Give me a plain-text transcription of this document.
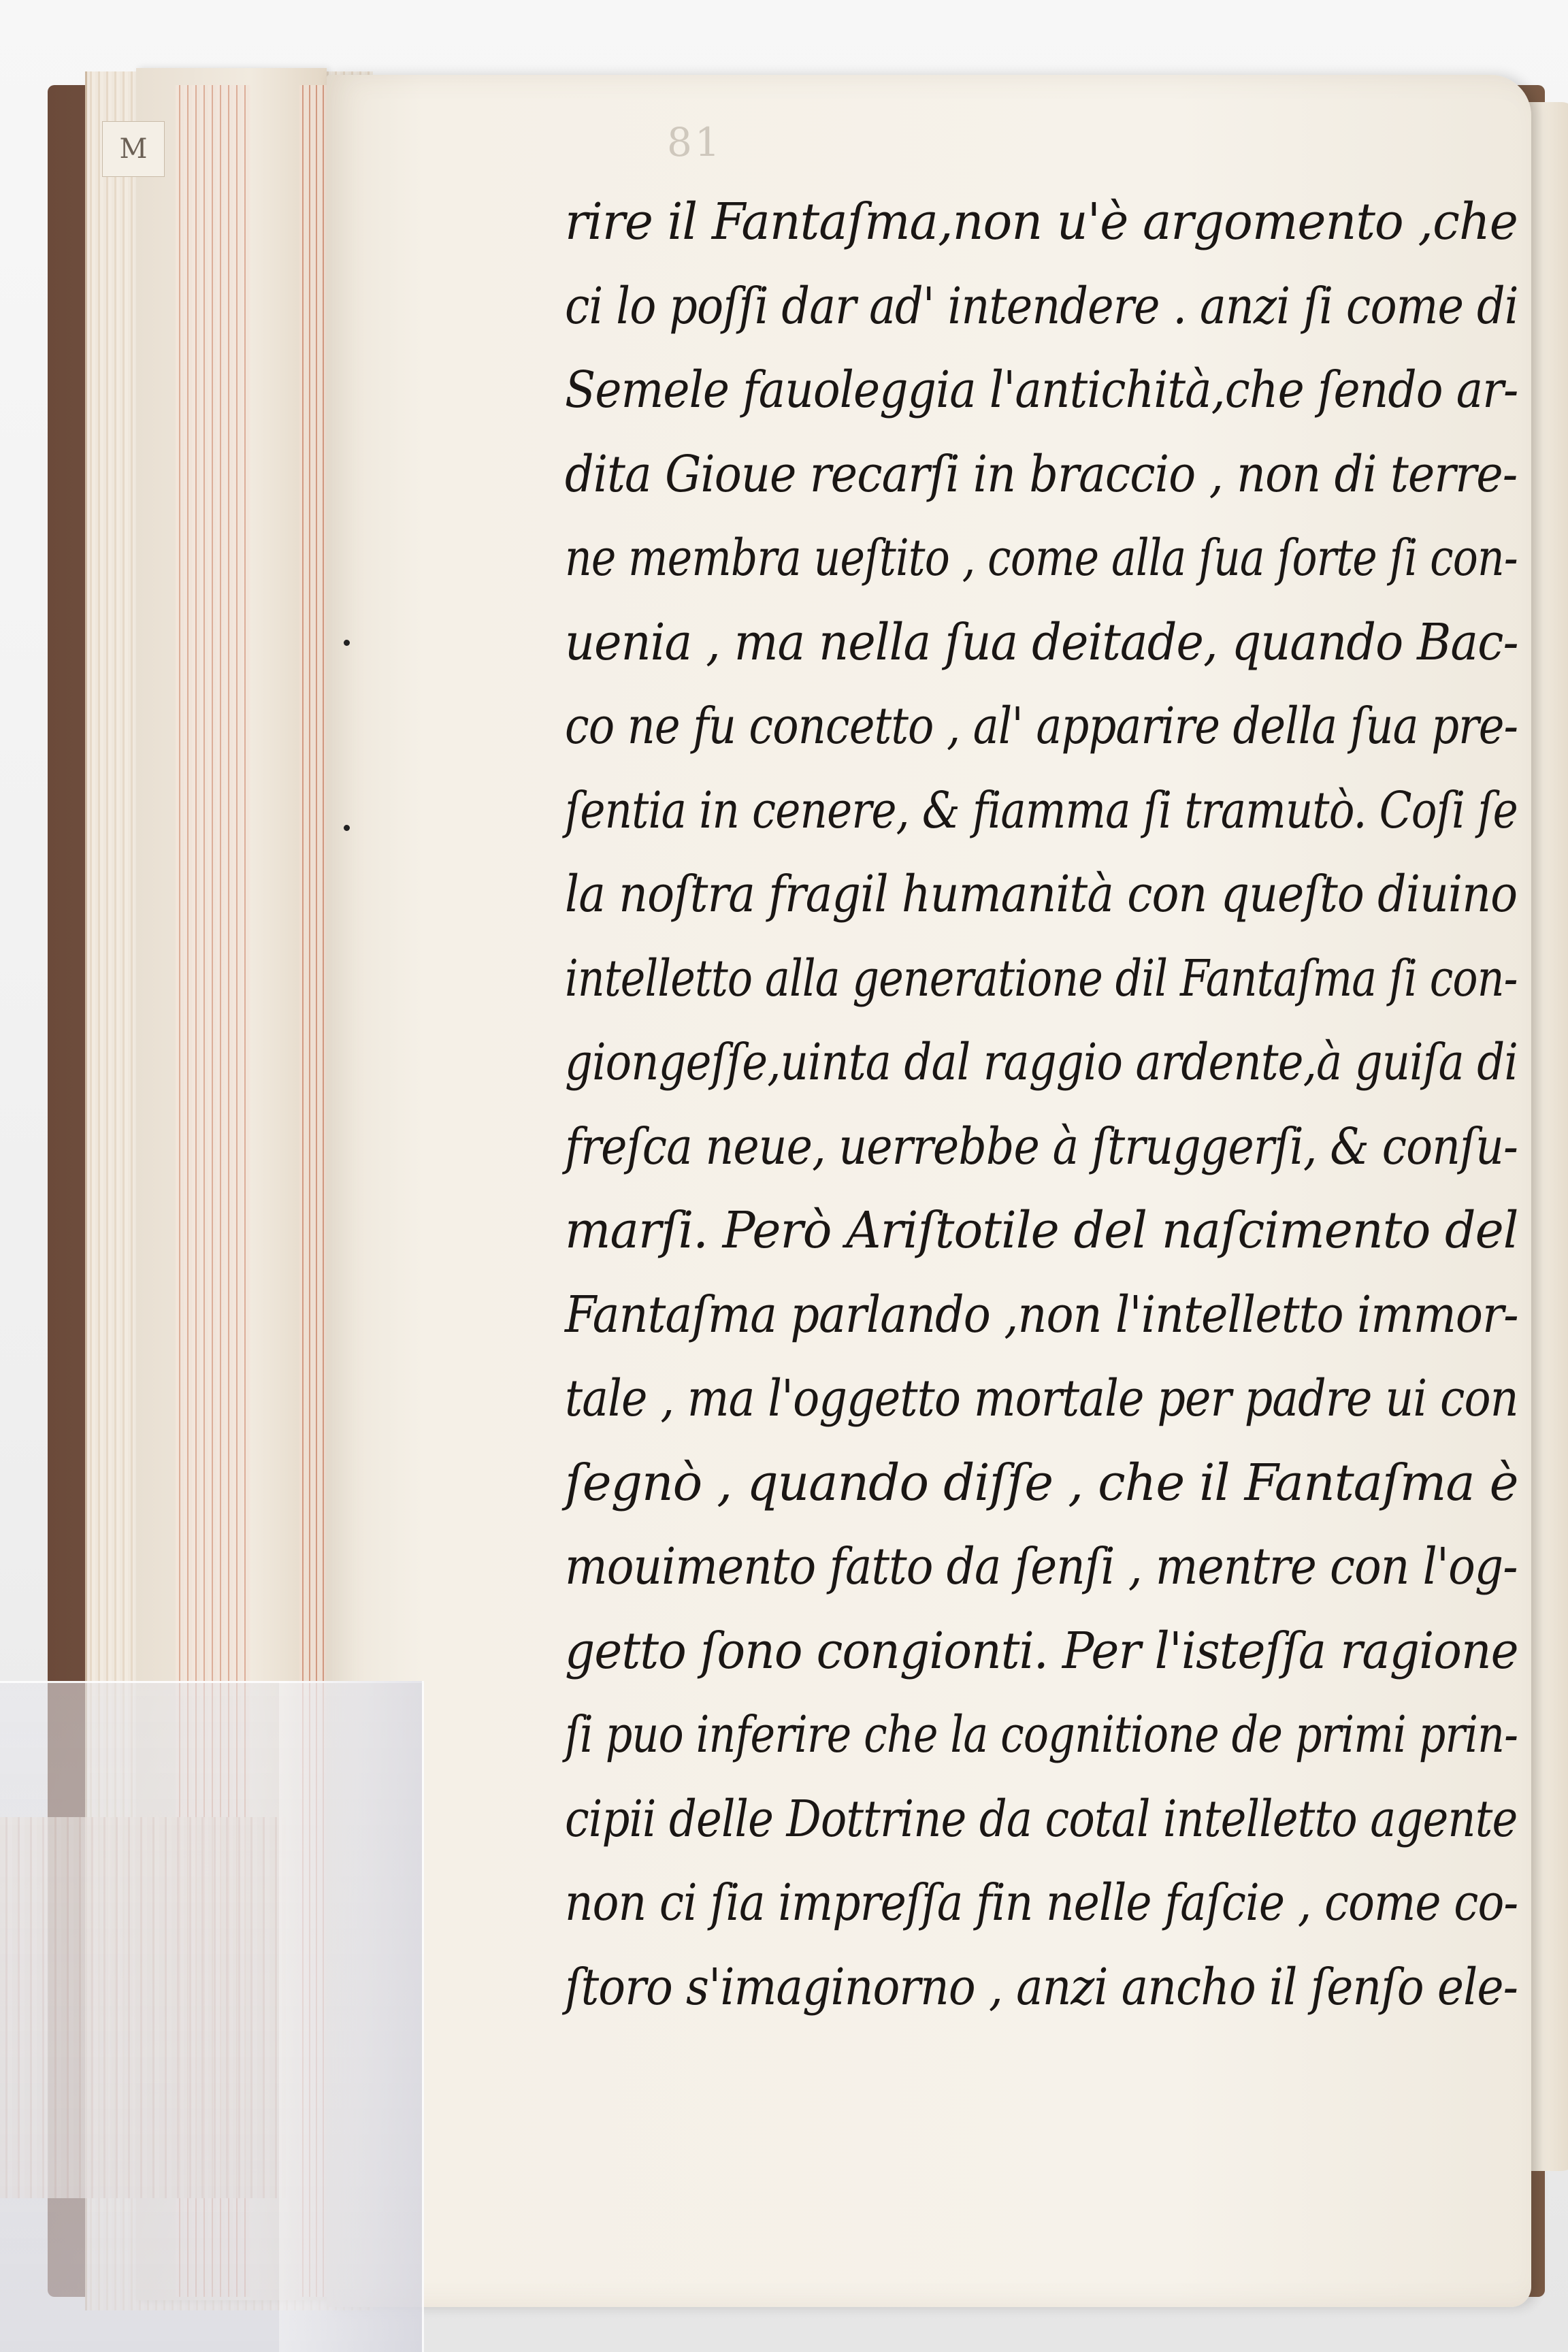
M	81
rire il Fantaſma,non u'è argomento ,che
ci lo poſſi dar ad' intendere . anzi ſi come di
Semele fauoleggia l'antichità,che ſendo ar-
dita Gioue recarſi in braccio , non di terre-
ne membra ueſtito , come alla ſua ſorte ſi con-
uenia , ma nella ſua deitade, quando Bac-
co ne fu concetto , al' apparire della ſua pre-
ſentia in cenere, & fiamma ſi tramutò. Coſi ſe
la noſtra fragil humanità con queſto diuino
intelletto alla generatione dil Fantaſma ſi con-
giongeſſe,uinta dal raggio ardente,à guiſa di
freſca neue, uerrebbe à ſtruggerſi, & conſu-
marſi. Però Ariſtotile del naſcimento del
Fantaſma parlando ,non l'intelletto immor-
tale , ma l'oggetto mortale per padre ui con
ſegnò , quando diſſe , che il Fantaſma è
mouimento fatto da ſenſi , mentre con l'og-
getto ſono congionti. Per l'isteſſa ragione
ſi puo inferire che la cognitione de primi prin-
cipii delle Dottrine da cotal intelletto agente
non ci ſia impreſſa fin nelle faſcie , come co-
ſtoro s'imaginorno , anzi ancho il ſenſo ele-
